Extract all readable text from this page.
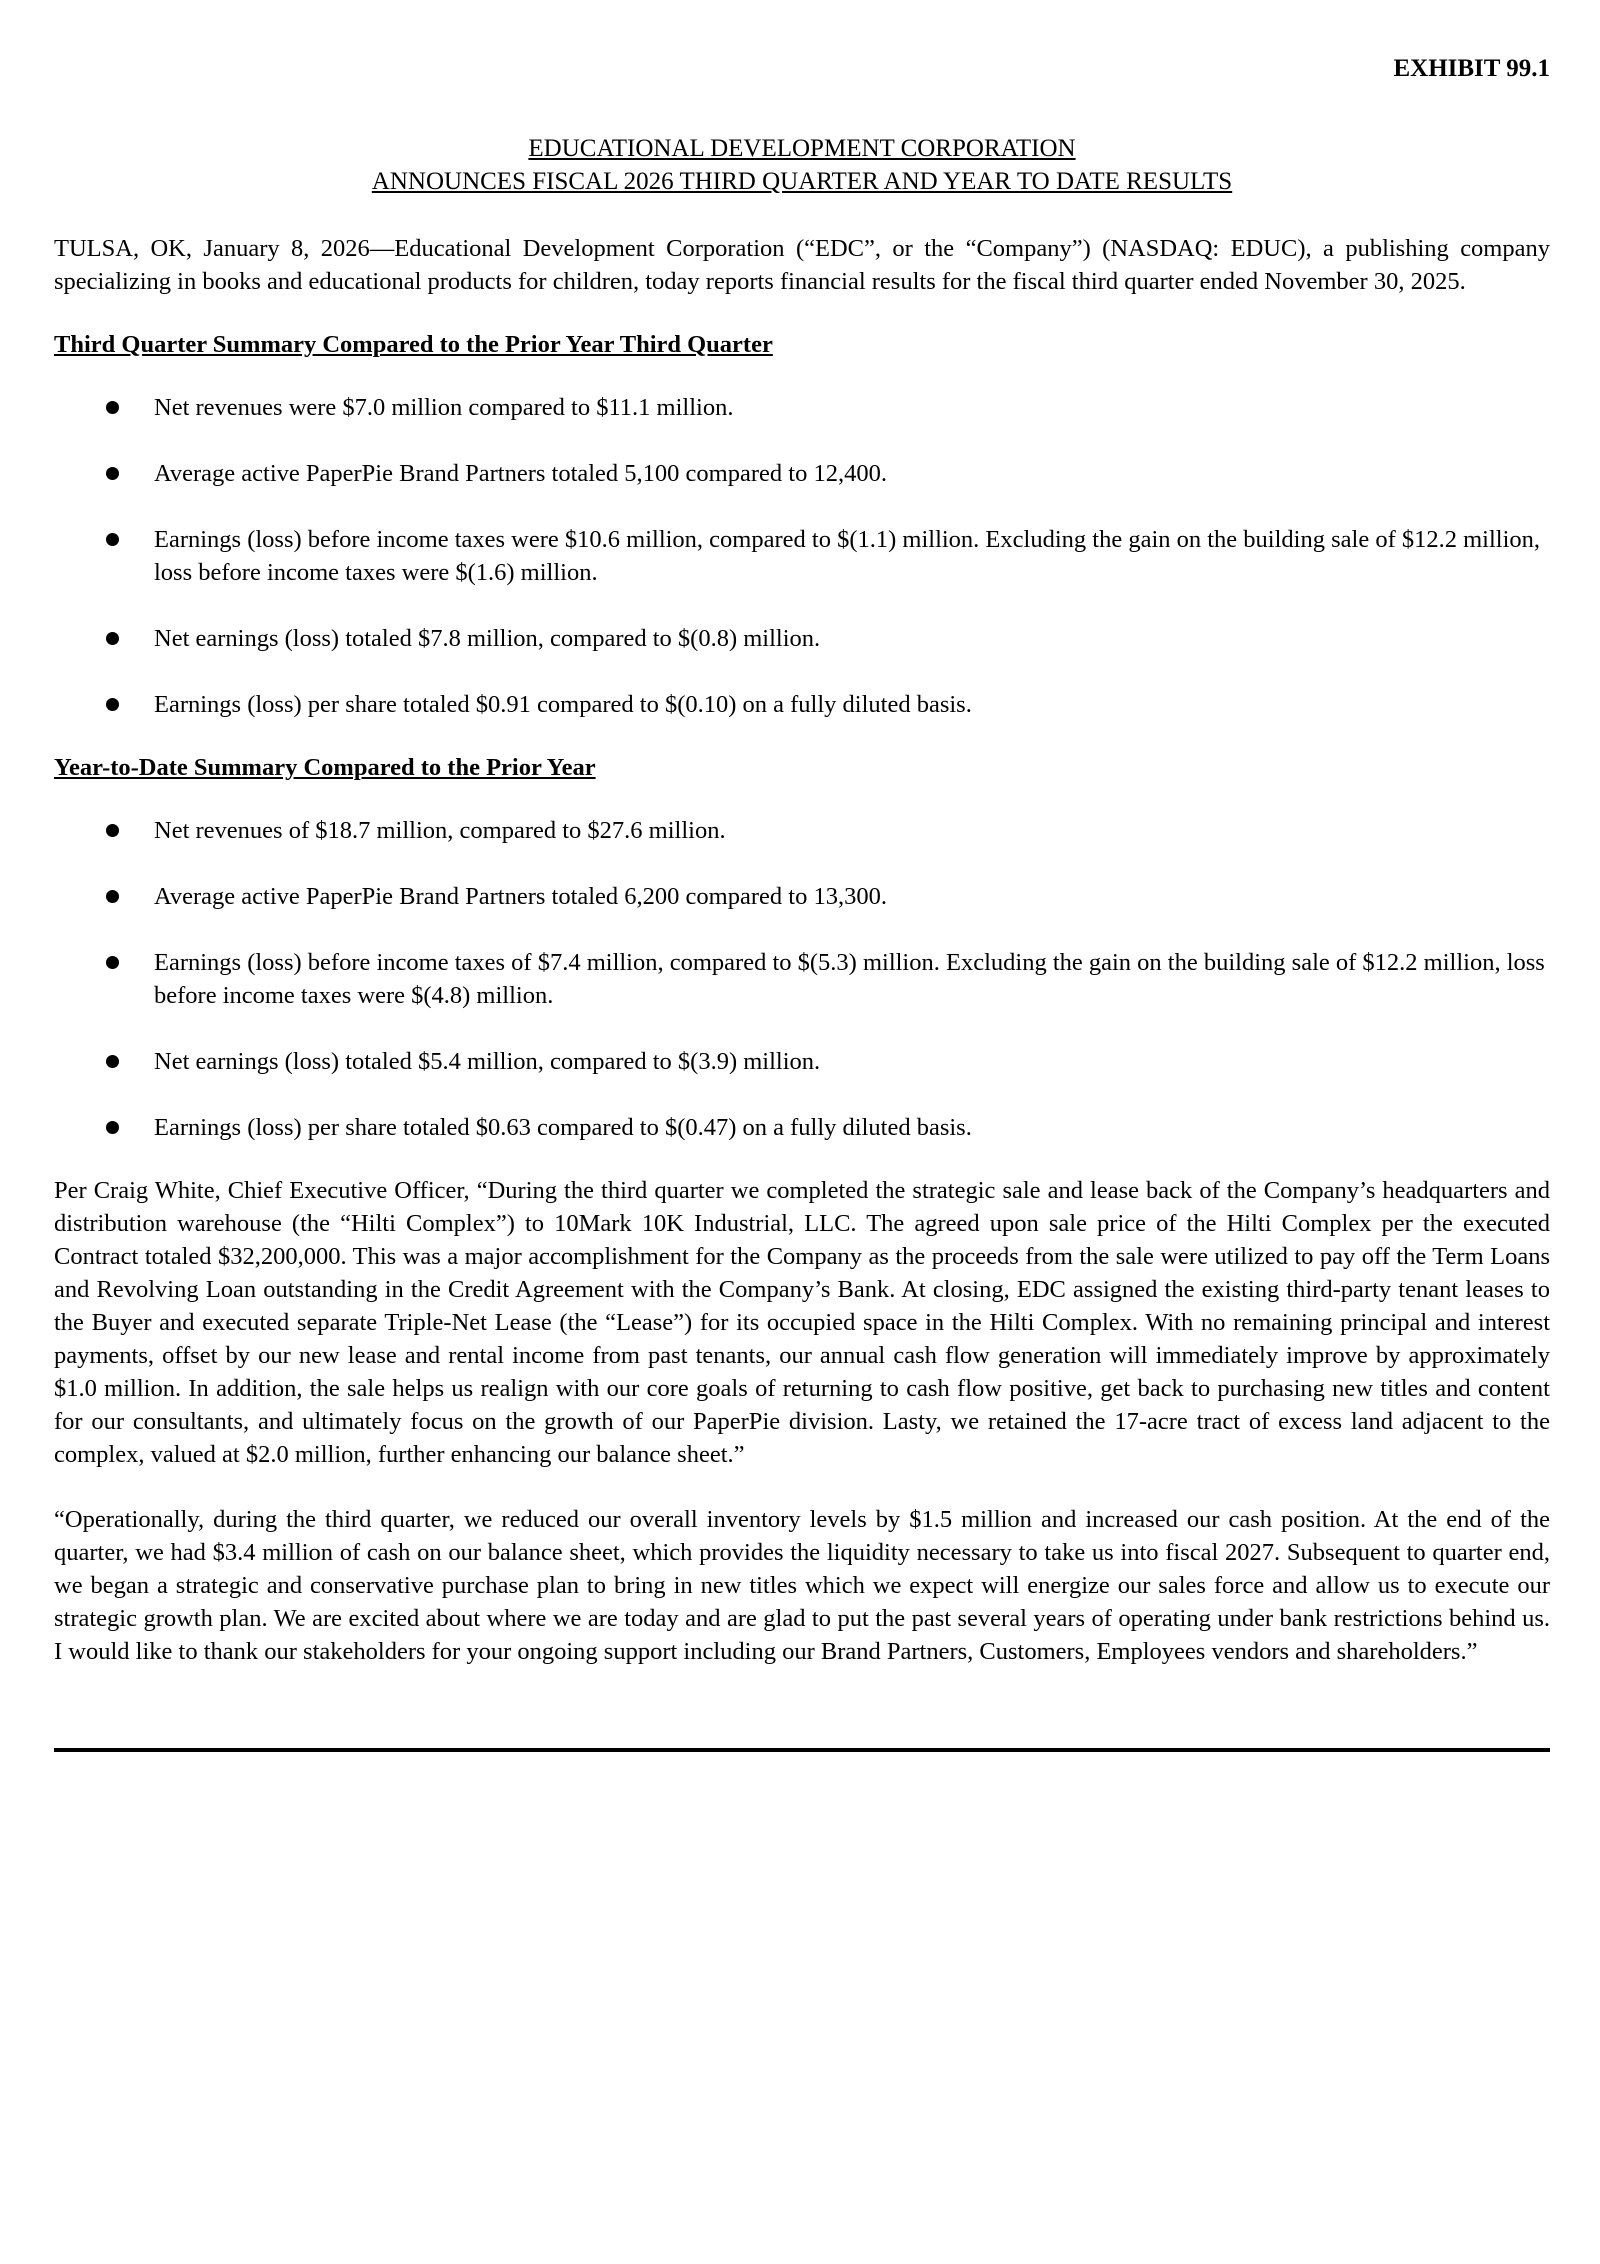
EXHIBIT 99.1
EDUCATIONAL DEVELOPMENT CORPORATION
ANNOUNCES FISCAL 2026 THIRD QUARTER AND YEAR TO DATE RESULTS

TULSA, OK, January 8, 2026—Educational Development Corporation (“EDC”, or the “Company”) (NASDAQ: EDUC), a publishing company specializing in books and educational products for children, today reports financial results for the fiscal third quarter ended November 30, 2025.

Third Quarter Summary Compared to the Prior Year Third Quarter
Net revenues were $7.0 million compared to $11.1 million.
Average active PaperPie Brand Partners totaled 5,100 compared to 12,400.
Earnings (loss) before income taxes were $10.6 million, compared to $(1.1) million. Excluding the gain on the building sale of $12.2 million, loss before income taxes were $(1.6) million.
Net earnings (loss) totaled $7.8 million, compared to $(0.8) million.
Earnings (loss) per share totaled $0.91 compared to $(0.10) on a fully diluted basis.
Year-to-Date Summary Compared to the Prior Year
Net revenues of $18.7 million, compared to $27.6 million.
Average active PaperPie Brand Partners totaled 6,200 compared to 13,300.
Earnings (loss) before income taxes of $7.4 million, compared to $(5.3) million. Excluding the gain on the building sale of $12.2 million, loss before income taxes were $(4.8) million.
Net earnings (loss) totaled $5.4 million, compared to $(3.9) million.
Earnings (loss) per share totaled $0.63 compared to $(0.47) on a fully diluted basis.

Per Craig White, Chief Executive Officer, “During the third quarter we completed the strategic sale and lease back of the Company’s headquarters and distribution warehouse (the “Hilti Complex”) to 10Mark 10K Industrial, LLC. The agreed upon sale price of the Hilti Complex per the executed Contract totaled $32,200,000. This was a major accomplishment for the Company as the proceeds from the sale were utilized to pay off the Term Loans and Revolving Loan outstanding in the Credit Agreement with the Company’s Bank. At closing, EDC assigned the existing third-party tenant leases to the Buyer and executed separate Triple-Net Lease (the “Lease”) for its occupied space in the Hilti Complex. With no remaining principal and interest payments, offset by our new lease and rental income from past tenants, our annual cash flow generation will immediately improve by approximately $1.0 million. In addition, the sale helps us realign with our core goals of returning to cash flow positive, get back to purchasing new titles and content for our consultants, and ultimately focus on the growth of our PaperPie division. Lasty, we retained the 17-acre tract of excess land adjacent to the complex, valued at $2.0 million, further enhancing our balance sheet.”

“Operationally, during the third quarter, we reduced our overall inventory levels by $1.5 million and increased our cash position. At the end of the quarter, we had $3.4 million of cash on our balance sheet, which provides the liquidity necessary to take us into fiscal 2027. Subsequent to quarter end, we began a strategic and conservative purchase plan to bring in new titles which we expect will energize our sales force and allow us to execute our strategic growth plan. We are excited about where we are today and are glad to put the past several years of operating under bank restrictions behind us. I would like to thank our stakeholders for your ongoing support including our Brand Partners, Customers, Employees vendors and shareholders.”
